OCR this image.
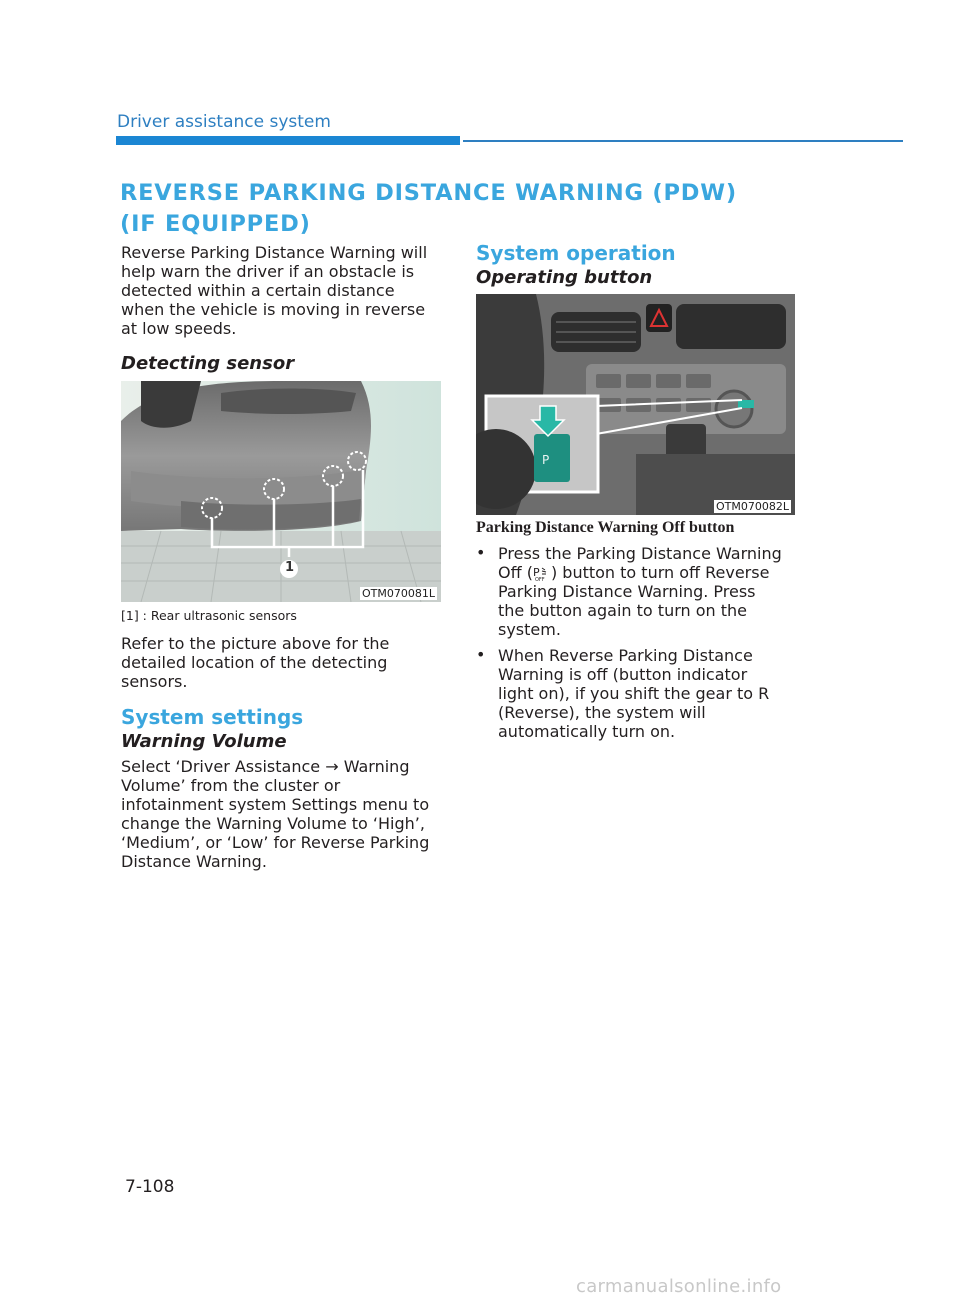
Driver assistance system
REVERSE PARKING DISTANCE WARNING (PDW) (IF EQUIPPED)
Reverse Parking Distance Warning will help warn the driver if an obstacle is detected within a certain distance when the vehicle is moving in reverse at low speeds.
Detecting sensor
1
OTM070081L
[1] : Rear ultrasonic sensors
Refer to the picture above for the detailed location of the detecting sensors.
System settings
Warning Volume
Select ‘Driver Assistance → Warning Volume’ from the cluster or infotainment system Settings menu to change the Warning Volume to ‘High’, ‘Medium’, or ‘Low’ for Reverse Parking Distance Warning.
System operation
Operating button
P
OTM070082L
Parking Distance Warning Off button
• Press the Parking Distance Warning Off ( P
OFF ) button to turn off Reverse Parking Distance Warning. Press the button again to turn on the system.
• When Reverse Parking Distance Warning is off (button indicator light on), if you shift the gear to R (Reverse), the system will automatically turn on.
7-108
carmanualsonline.info
